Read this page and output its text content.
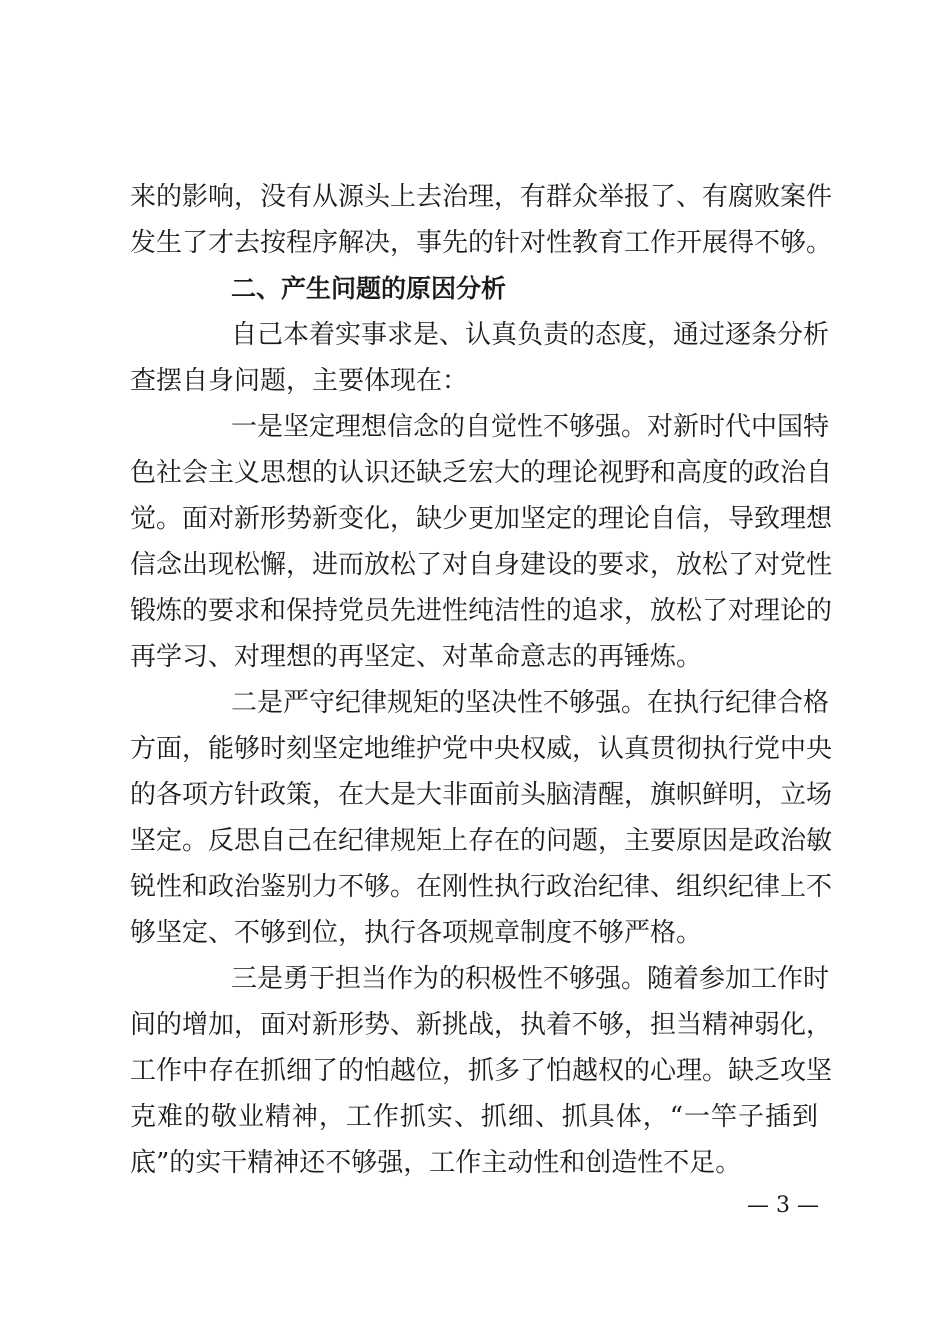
来的影响，没有从源头上去治理，有群众举报了、有腐败案件
发生了才去按程序解决，事先的针对性教育工作开展得不够。
二、产生问题的原因分析
自己本着实事求是、认真负责的态度，通过逐条分析
查摆自身问题，主要体现在：
一是坚定理想信念的自觉性不够强。对新时代中国特
色社会主义思想的认识还缺乏宏大的理论视野和高度的政治自
觉。面对新形势新变化，缺少更加坚定的理论自信，导致理想
信念出现松懈，进而放松了对自身建设的要求，放松了对党性
锻炼的要求和保持党员先进性纯洁性的追求，放松了对理论的
再学习、对理想的再坚定、对革命意志的再锤炼。
二是严守纪律规矩的坚决性不够强。在执行纪律合格
方面，能够时刻坚定地维护党中央权威，认真贯彻执行党中央
的各项方针政策，在大是大非面前头脑清醒，旗帜鲜明，立场
坚定。反思自己在纪律规矩上存在的问题，主要原因是政治敏
锐性和政治鉴别力不够。在刚性执行政治纪律、组织纪律上不
够坚定、不够到位，执行各项规章制度不够严格。
三是勇于担当作为的积极性不够强。随着参加工作时
间的增加，面对新形势、新挑战，执着不够，担当精神弱化，
工作中存在抓细了的怕越位，抓多了怕越权的心理。缺乏攻坚
克难的敬业精神，工作抓实、抓细、抓具体，“一竿子插到
底”的实干精神还不够强，工作主动性和创造性不足。
— 3 —
